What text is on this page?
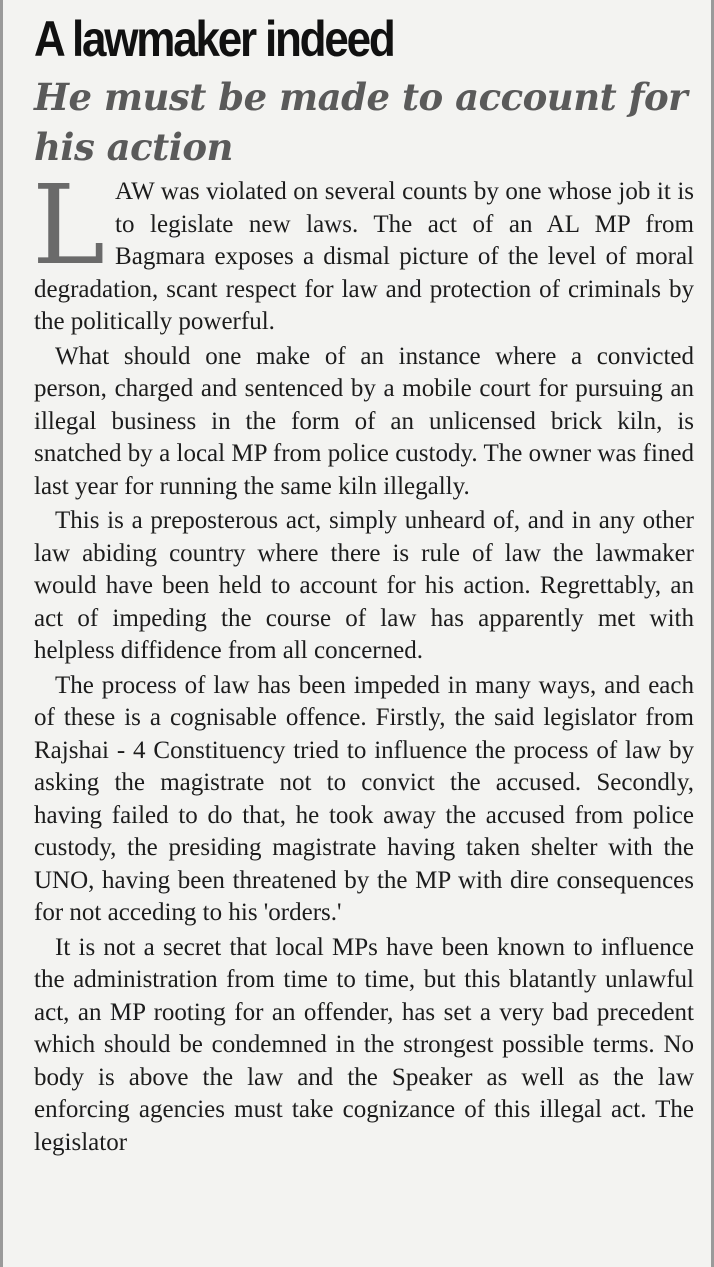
A lawmaker indeed
He must be made to account for his action

LAW was violated on several counts by one whose job it is to legislate new laws. The act of an AL MP from Bagmara exposes a dismal picture of the level of moral degradation, scant respect for law and protection of criminals by the politically powerful.

What should one make of an instance where a convicted person, charged and sentenced by a mobile court for pursuing an illegal business in the form of an unlicensed brick kiln, is snatched by a local MP from police custody. The owner was fined last year for running the same kiln illegally.

This is a preposterous act, simply unheard of, and in any other law abiding country where there is rule of law the lawmaker would have been held to account for his action. Regrettably, an act of impeding the course of law has apparently met with helpless diffidence from all concerned.

The process of law has been impeded in many ways, and each of these is a cognisable offence. Firstly, the said legislator from Rajshai - 4 Constituency tried to influence the process of law by asking the magistrate not to convict the accused. Secondly, having failed to do that, he took away the accused from police custody, the presiding magistrate having taken shelter with the UNO, having been threatened by the MP with dire consequences for not acceding to his 'orders.'

It is not a secret that local MPs have been known to influence the administration from time to time, but this blatantly unlawful act, an MP rooting for an offender, has set a very bad precedent which should be condemned in the strongest possible terms. No body is above the law and the Speaker as well as the law enforcing agencies must take cognizance of this illegal act. The legislator
